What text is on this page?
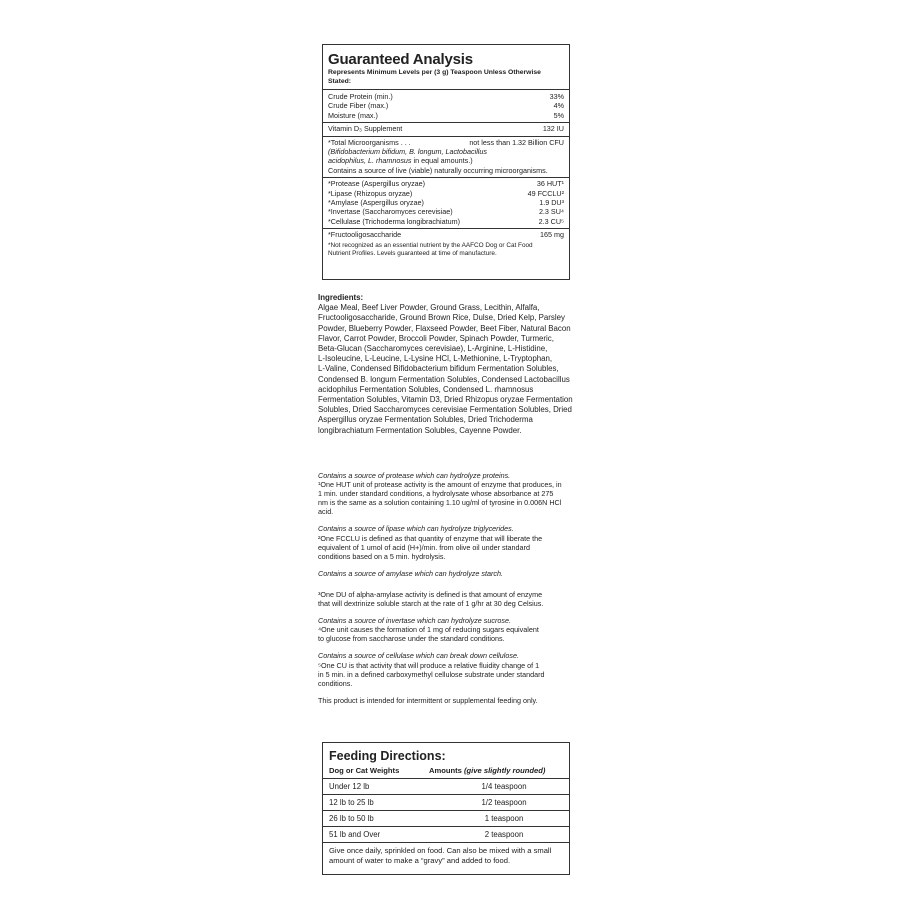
Guaranteed Analysis
Represents Minimum Levels per (3 g) Teaspoon Unless Otherwise Stated:
Crude Protein (min.)	33%
Crude Fiber (max.)	4%
Moisture (max.)	5%
Vitamin D₃ Supplement	132 IU
*Total Microorganisms . . .	not less than 1.32 Billion CFU
(Bifidobacterium bifidum, B. longum, Lactobacillus
acidophilus, L. rhamnosus in equal amounts.)
Contains a source of live (viable) naturally occurring microorganisms.
*Protease (Aspergillus oryzae)	36 HUT¹
*Lipase (Rhizopus oryzae)	49 FCCLU²
*Amylase (Aspergillus oryzae)	1.9 DU³
*Invertase (Saccharomyces cerevisiae)	2.3 SU⁴
*Cellulase (Trichoderma longibrachiatum)	2.3 CU⁵
*Fructooligosaccharide	165 mg
*Not recognized as an essential nutrient by the AAFCO Dog or Cat Food
Nutrient Profiles. Levels guaranteed at time of manufacture.
Ingredients:

Algae Meal, Beef Liver Powder, Ground Grass, Lecithin, Alfalfa,

Fructooligosaccharide, Ground Brown Rice, Dulse, Dried Kelp, Parsley

Powder, Blueberry Powder, Flaxseed Powder, Beet Fiber, Natural Bacon

Flavor, Carrot Powder, Broccoli Powder, Spinach Powder, Turmeric,

Beta-Glucan (Saccharomyces cerevisiae), L-Arginine, L-Histidine,

L-Isoleucine, L-Leucine, L-Lysine HCl, L-Methionine, L-Tryptophan,

L-Valine, Condensed Bifidobacterium bifidum Fermentation Solubles,

Condensed B. longum Fermentation Solubles, Condensed Lactobacillus

acidophilus Fermentation Solubles, Condensed L. rhamnosus

Fermentation Solubles, Vitamin D3, Dried Rhizopus oryzae Fermentation

Solubles, Dried Saccharomyces cerevisiae Fermentation Solubles, Dried

Aspergillus oryzae Fermentation Solubles, Dried Trichoderma

longibrachiatum Fermentation Solubles, Cayenne Powder.

Contains a source of protease which can hydrolyze proteins.

¹One HUT unit of protease activity is the amount of enzyme that produces, in

1 min. under standard conditions, a hydrolysate whose absorbance at 275

nm is the same as a solution containing 1.10 ug/ml of tyrosine in 0.006N HCl

acid.

Contains a source of lipase which can hydrolyze triglycerides.

²One FCCLU is defined as that quantity of enzyme that will liberate the

equivalent of 1 umol of acid (H+)/min. from olive oil under standard

conditions based on a 5 min. hydrolysis.

Contains a source of amylase which can hydrolyze starch.

³One DU of alpha-amylase activity is defined is that amount of enzyme

that will dextrinize soluble starch at the rate of 1 g/hr at 30 deg Celsius.

Contains a source of invertase which can hydrolyze sucrose.

⁴One unit causes the formation of 1 mg of reducing sugars equivalent

to glucose from saccharose under the standard conditions.

Contains a source of cellulase which can break down cellulose.

⁵One CU is that activity that will produce a relative fluidity change of 1

in 5 min. in a defined carboxymethyl cellulose substrate under standard

conditions.

This product is intended for intermittent or supplemental feeding only.

Feeding Directions:
Dog or Cat Weights	Amounts (give slightly rounded)
Under 12 lb	1/4 teaspoon
12 lb to 25 lb	1/2 teaspoon
26 lb to 50 lb	1 teaspoon
51 lb and Over	2 teaspoon
Give once daily, sprinkled on food. Can also be mixed with a small amount of water to make a “gravy” and added to food.
